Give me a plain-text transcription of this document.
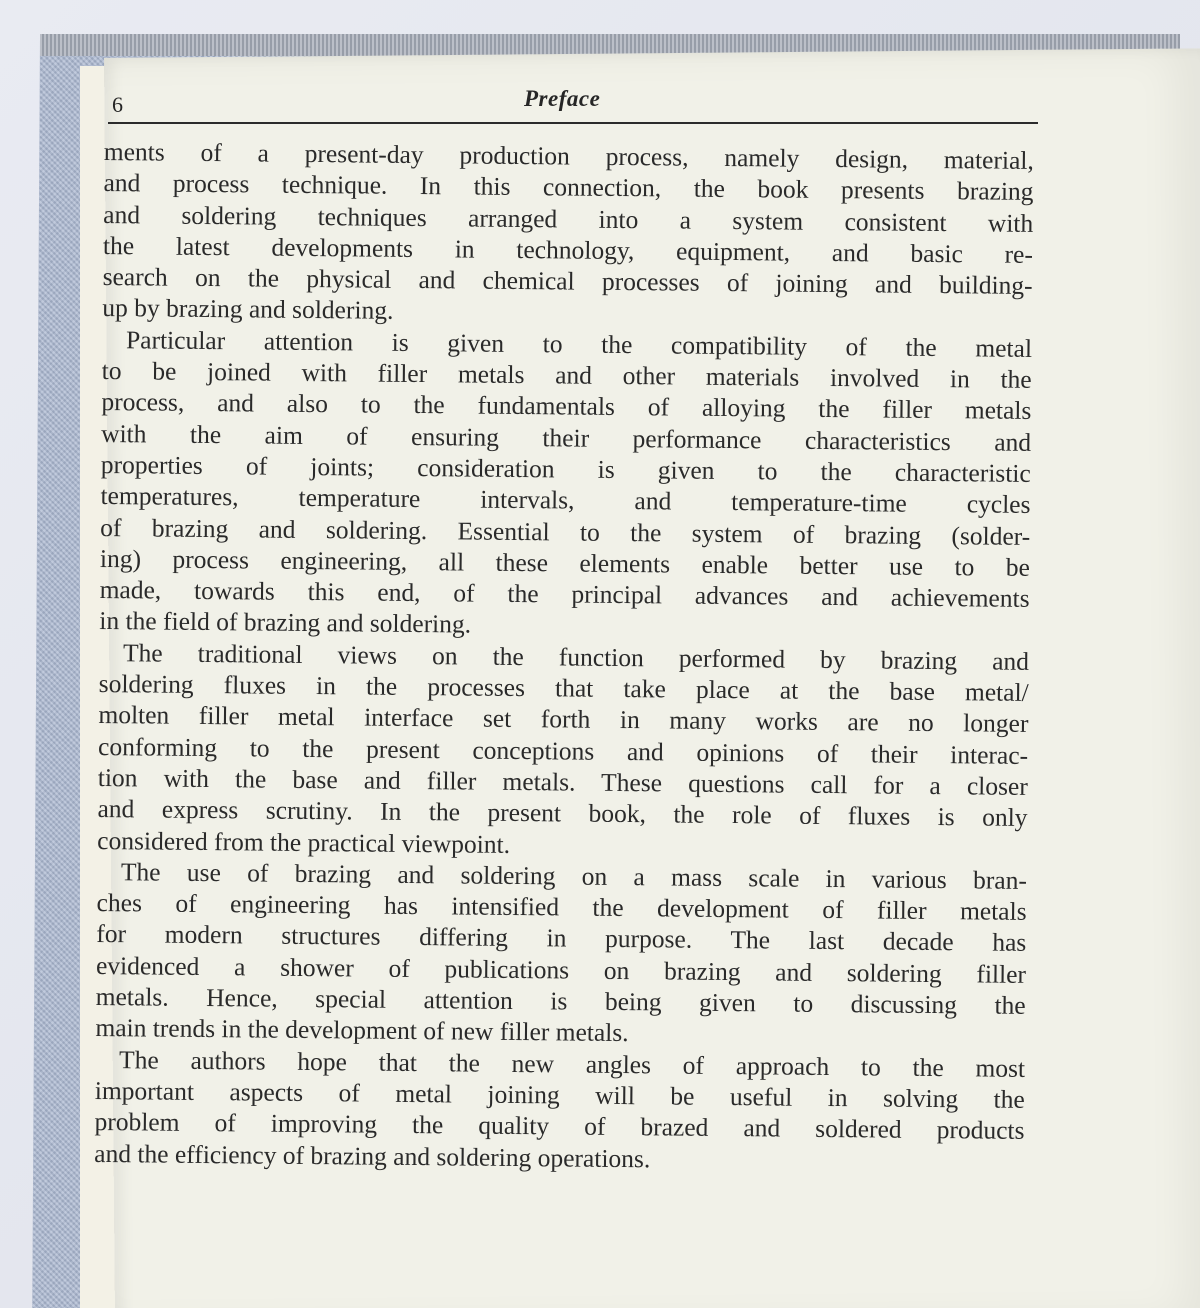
6	Preface
ments of a present-day production process, namely design, material,
and process technique. In this connection, the book presents brazing
and soldering techniques arranged into a system consistent with
the latest developments in technology, equipment, and basic re-
search on the physical and chemical processes of joining and building-
up by brazing and soldering.
Particular attention is given to the compatibility of the metal
to be joined with filler metals and other materials involved in the
process, and also to the fundamentals of alloying the filler metals
with the aim of ensuring their performance characteristics and
properties of joints; consideration is given to the characteristic
temperatures, temperature intervals, and temperature-time cycles
of brazing and soldering. Essential to the system of brazing (solder-
ing) process engineering, all these elements enable better use to be
made, towards this end, of the principal advances and achievements
in the field of brazing and soldering.
The traditional views on the function performed by brazing and
soldering fluxes in the processes that take place at the base metal/
molten filler metal interface set forth in many works are no longer
conforming to the present conceptions and opinions of their interac-
tion with the base and filler metals. These questions call for a closer
and express scrutiny. In the present book, the role of fluxes is only
considered from the practical viewpoint.
The use of brazing and soldering on a mass scale in various bran-
ches of engineering has intensified the development of filler metals
for modern structures differing in purpose. The last decade has
evidenced a shower of publications on brazing and soldering filler
metals. Hence, special attention is being given to discussing the
main trends in the development of new filler metals.
The authors hope that the new angles of approach to the most
important aspects of metal joining will be useful in solving the
problem of improving the quality of brazed and soldered products
and the efficiency of brazing and soldering operations.
